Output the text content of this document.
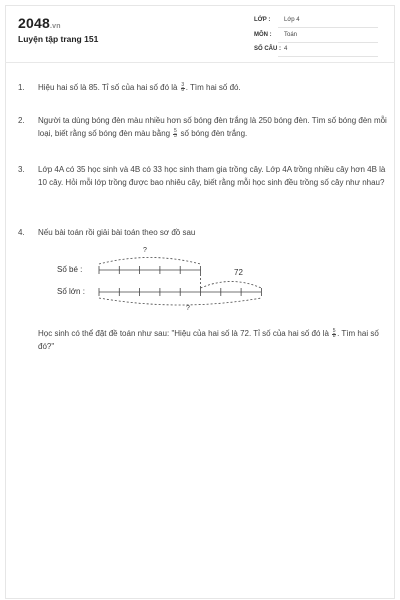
2048.vn
Luyện tập trang 151
LỚP : Lớp 4
MÔN : Toán
SỐ CÂU : 4
1.	Hiệu hai số là 85. Tỉ số của hai số đó là $\frac{3}{8}$ . Tìm hai số đó.
2.	Người ta dùng bóng đèn màu nhiều hơn số bóng đèn trắng là 250 bóng đèn. Tìm số bóng đèn mỗi loại, biết rằng số bóng đèn màu bằng $\frac{5}{3}$ số bóng đèn trắng.
3.	Lớp 4A có 35 học sinh và 4B có 33 học sinh tham gia trồng cây. Lớp 4A trồng nhiều cây hơn 4B là 10 cây. Hỏi mỗi lớp trồng được bao nhiêu cây, biết rằng mỗi học sinh đều trồng số cây như nhau?
4.	Nếu bài toán rồi giải bài toán theo sơ đồ sau
Số bé :
Số lớn :
?
72
?
Học sinh có thể đặt đề toán như sau: "Hiệu của hai số là 72. Tỉ số của hai số đó là $\frac{5}{8}$ . Tìm hai số đó?"
